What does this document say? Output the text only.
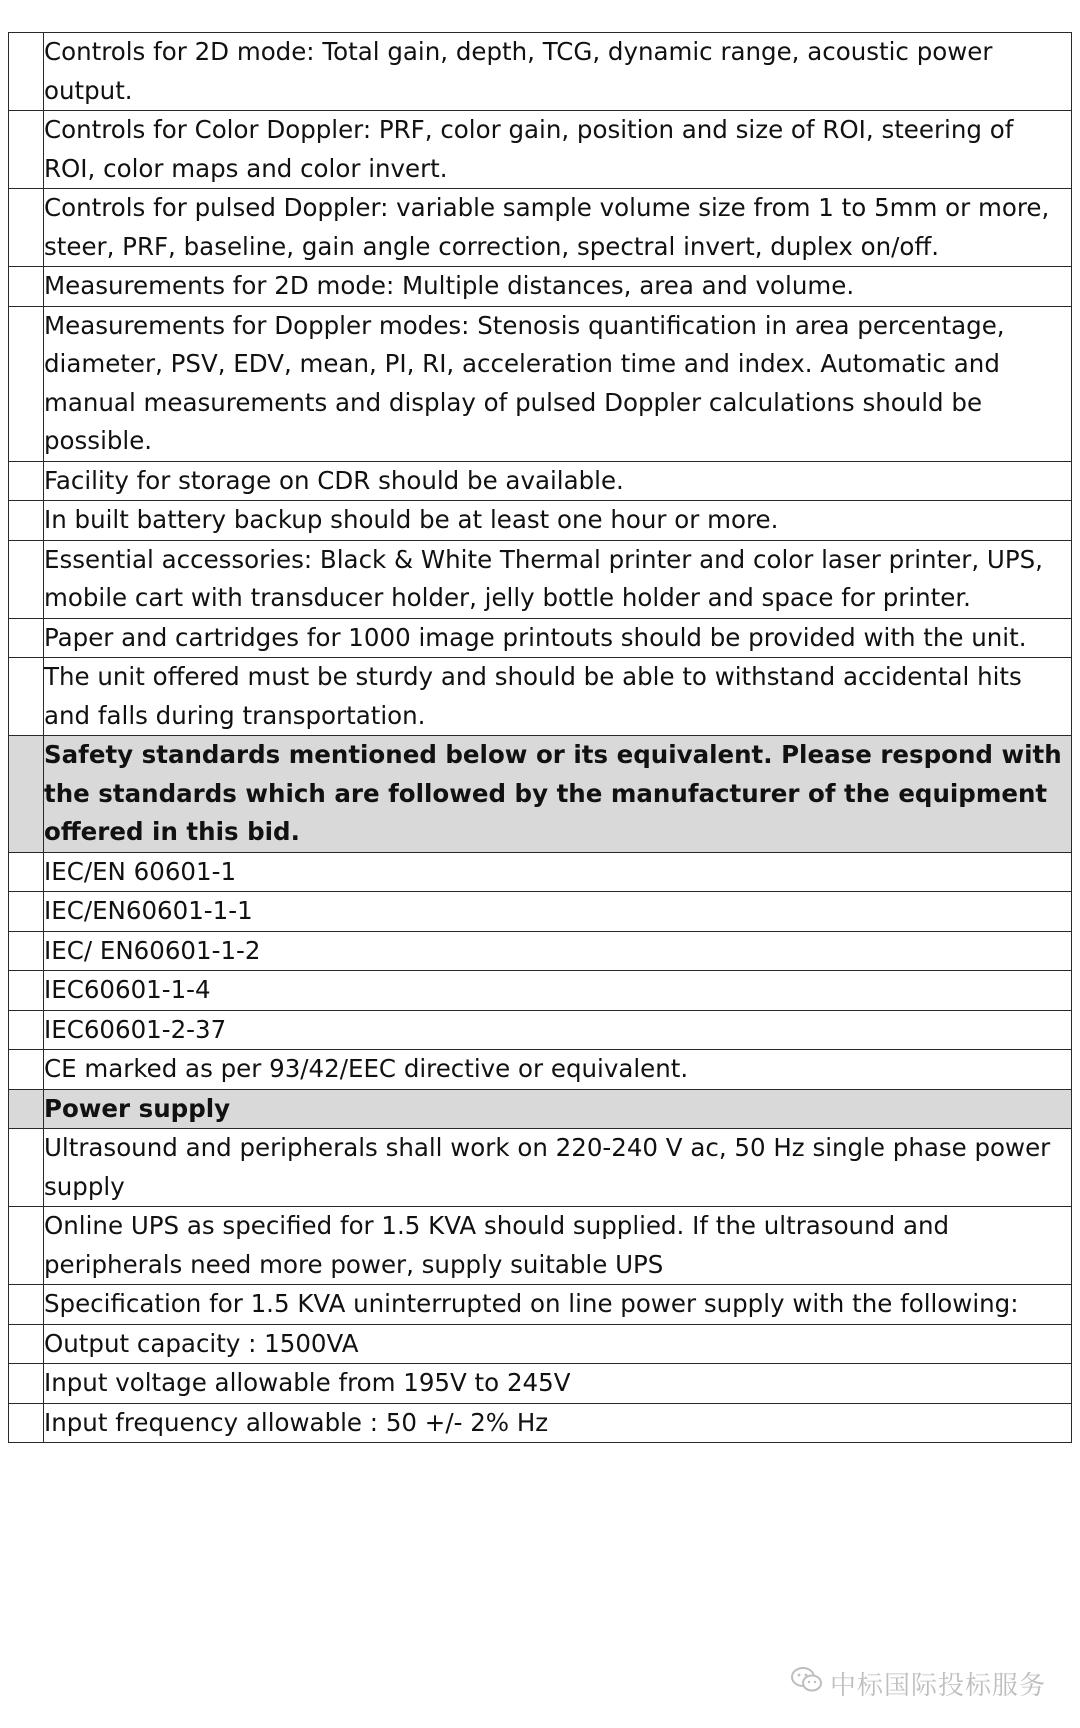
	Controls for 2D mode: Total gain, depth, TCG, dynamic range, acoustic power output.
	Controls for Color Doppler: PRF, color gain, position and size of ROI, steering of ROI, color maps and color invert.
	Controls for pulsed Doppler: variable sample volume size from 1 to 5mm or more, steer, PRF, baseline, gain angle correction, spectral invert, duplex on/off.
	Measurements for 2D mode: Multiple distances, area and volume.
	Measurements for Doppler modes: Stenosis quantification in area percentage, diameter, PSV, EDV, mean, PI, RI, acceleration time and index. Automatic and manual measurements and display of pulsed Doppler calculations should be possible.
	Facility for storage on CDR should be available.
	In built battery backup should be at least one hour or more.
	Essential accessories: Black & White Thermal printer and color laser printer, UPS, mobile cart with transducer holder, jelly bottle holder and space for printer.
	Paper and cartridges for 1000 image printouts should be provided with the unit.
	The unit offered must be sturdy and should be able to withstand accidental hits and falls during transportation.
	Safety standards mentioned below or its equivalent. Please respond with the standards which are followed by the manufacturer of the equipment offered in this bid.
	IEC/EN 60601-1
	IEC/EN60601-1-1
	IEC/ EN60601-1-2
	IEC60601-1-4
	IEC60601-2-37
	CE marked as per 93/42/EEC directive or equivalent.
	Power supply
	Ultrasound and peripherals shall work on 220-240 V ac, 50 Hz single phase power supply
	Online UPS as specified for 1.5 KVA should supplied. If the ultrasound and peripherals need more power, supply suitable UPS
	Specification for 1.5 KVA uninterrupted on line power supply with the following:
	Output capacity : 1500VA
	Input voltage allowable from 195V to 245V
	Input frequency allowable : 50 +/- 2% Hz
中标国际投标服务
